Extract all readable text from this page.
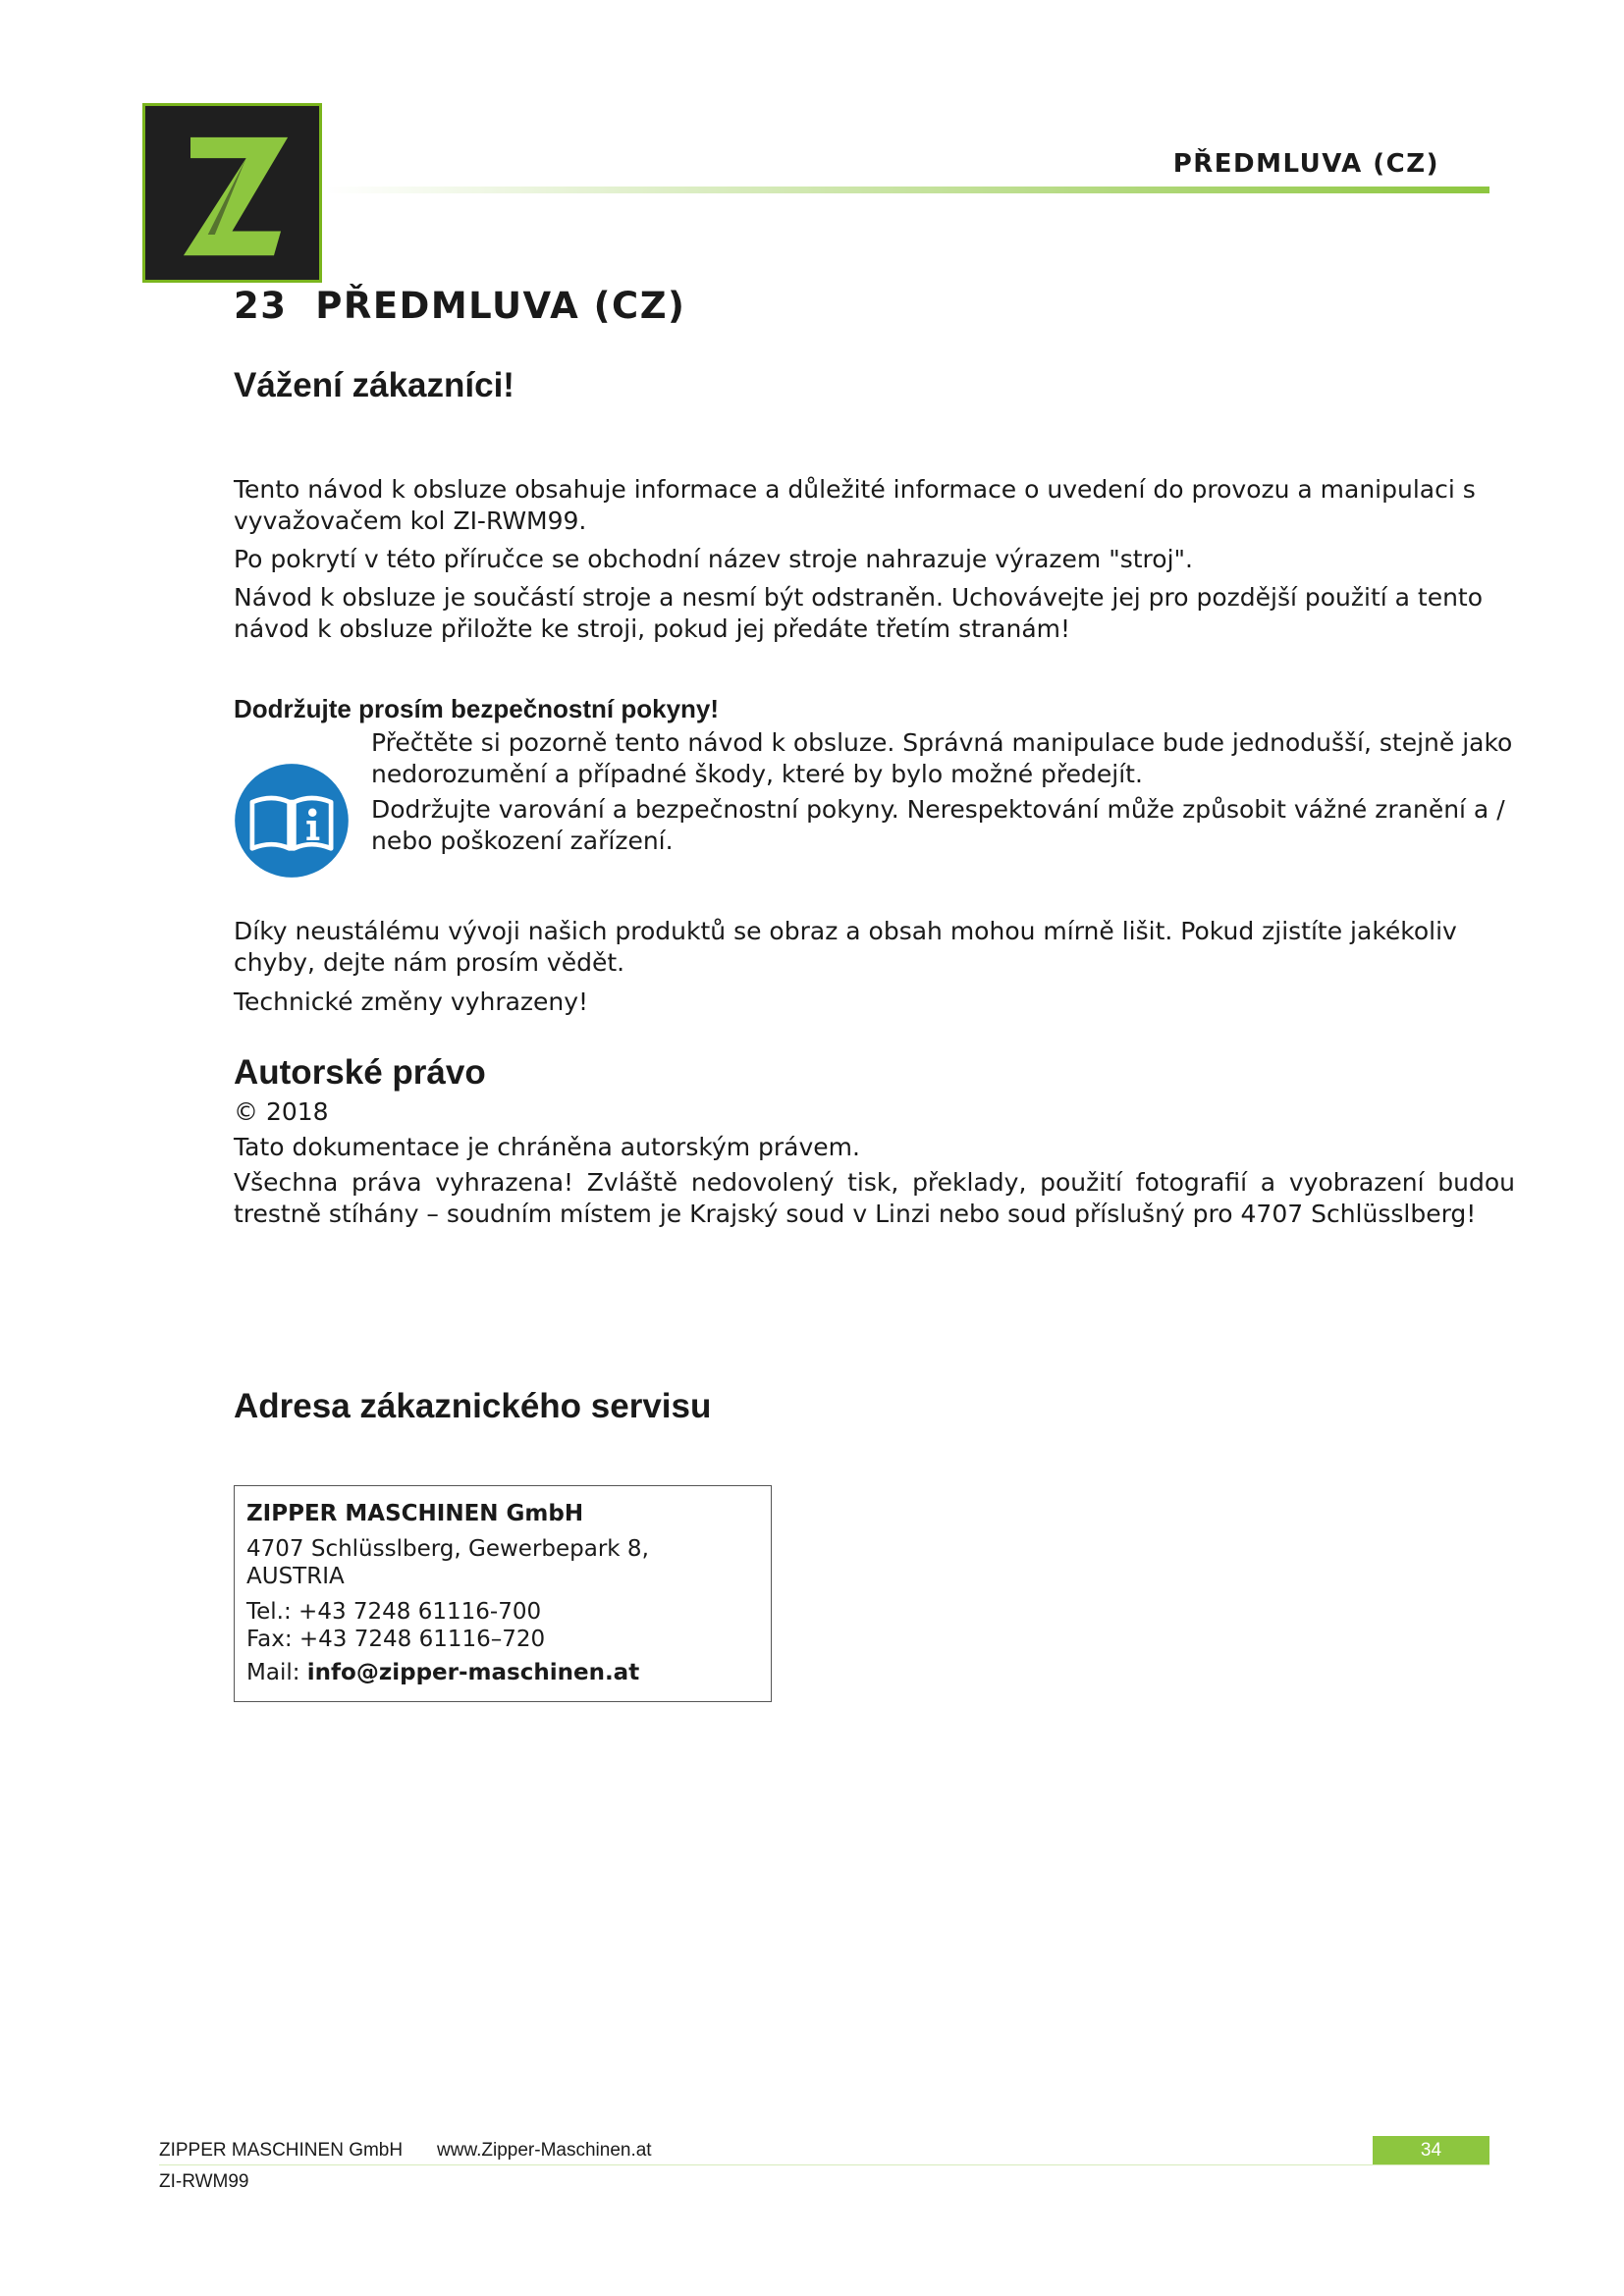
Z
PŘEDMLUVA (CZ)
23 PŘEDMLUVA (CZ)
Vážení zákazníci!

Tento návod k obsluze obsahuje informace a důležité informace o uvedení do provozu a manipulaci s vyvažovačem kol ZI-RWM99.

Po pokrytí v této příručce se obchodní název stroje nahrazuje výrazem "stroj".

Návod k obsluze je součástí stroje a nesmí být odstraněn. Uchovávejte jej pro pozdější použití a tento návod k obsluze přiložte ke stroji, pokud jej předáte třetím stranám!

Dodržujte prosím bezpečnostní pokyny!

Přečtěte si pozorně tento návod k obsluze. Správná manipulace bude jednodušší, stejně jako nedorozumění a případné škody, které by bylo možné předejít.

Dodržujte varování a bezpečnostní pokyny. Nerespektování může způsobit vážné zranění a / nebo poškození zařízení.

Díky neustálému vývoji našich produktů se obraz a obsah mohou mírně lišit. Pokud zjistíte jakékoliv chyby, dejte nám prosím vědět.

Technické změny vyhrazeny!

Autorské právo

© 2018

Tato dokumentace je chráněna autorským právem.

Všechna práva vyhrazena! Zvláště nedovolený tisk, překlady, použití fotografií a vyobrazení budou trestně stíhány – soudním místem je Krajský soud v Linzi nebo soud příslušný pro 4707 Schlüsslberg!

Adresa zákaznického servisu

ZIPPER MASCHINEN GmbH

4707 Schlüsslberg, Gewerbepark 8,

AUSTRIA

Tel.: +43 7248 61116-700

Fax: +43 7248 61116–720

Mail: info@zipper-maschinen.at

ZIPPER MASCHINEN GmbH www.Zipper-Maschinen.at	34
ZI-RWM99
